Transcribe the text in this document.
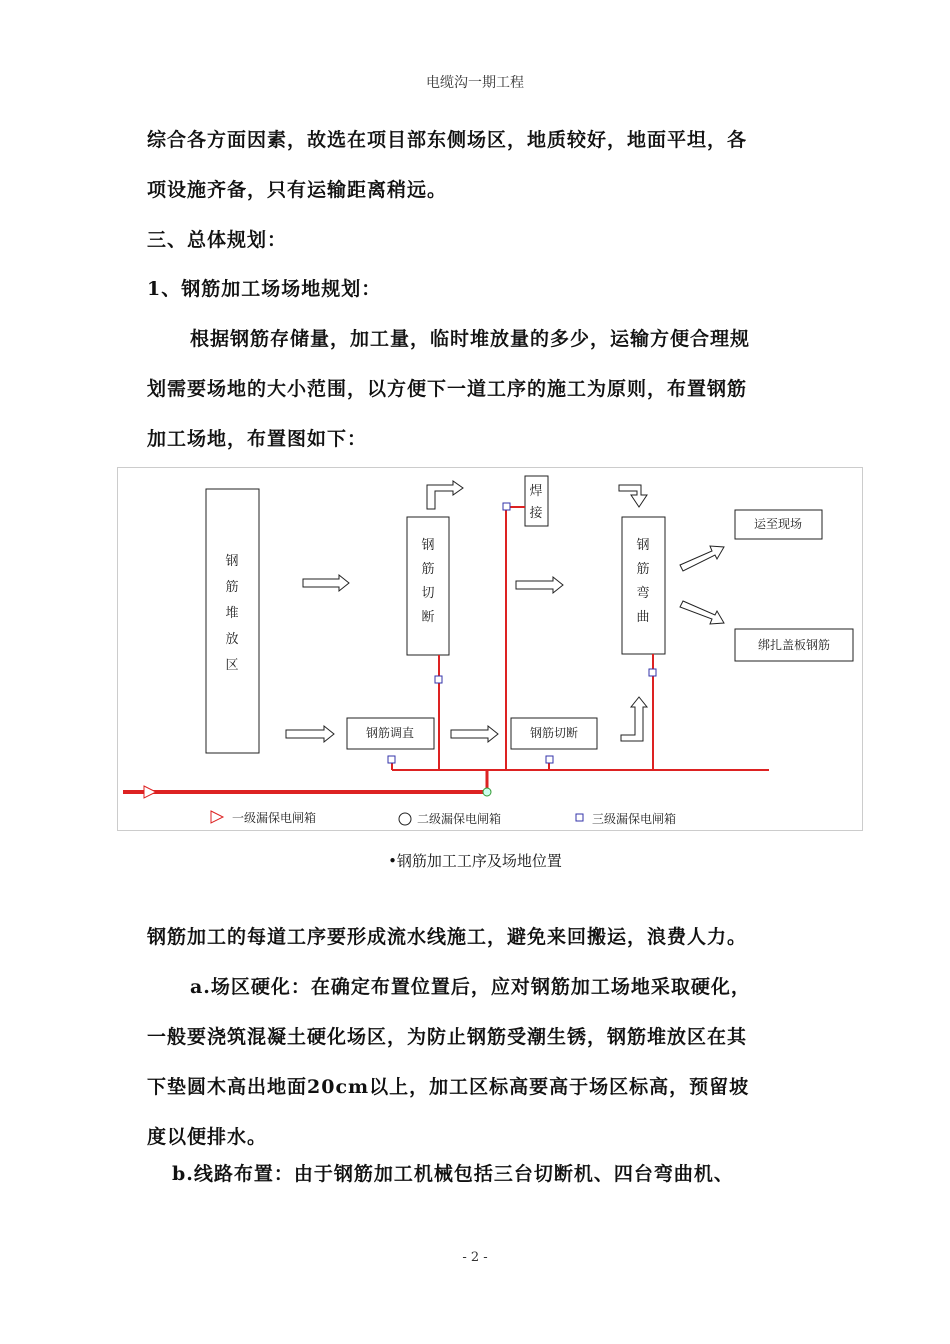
电缆沟一期工程
综合各方面因素，故选在项目部东侧场区，地质较好，地面平坦，各
项设施齐备，只有运输距离稍远。
三、总体规划：
1、钢筋加工场场地规划：
根据钢筋存储量，加工量，临时堆放量的多少，运输方便合理规
划需要场地的大小范围，以方便下一道工序的施工为原则，布置钢筋
加工场地，布置图如下：
钢
筋
堆
放
区
钢
筋
切
断
焊
接
钢
筋
弯
曲
运至现场
绑扎盖板钢筋
钢筋调直	钢筋切断
一级漏保电闸箱	二级漏保电闸箱	三级漏保电闸箱
•钢筋加工工序及场地位置
钢筋加工的每道工序要形成流水线施工，避免来回搬运，浪费人力。
a.场区硬化：在确定布置位置后，应对钢筋加工场地采取硬化，
一般要浇筑混凝土硬化场区，为防止钢筋受潮生锈，钢筋堆放区在其
下垫圆木高出地面20cm以上，加工区标高要高于场区标高，预留坡
度以便排水。
b.线路布置：由于钢筋加工机械包括三台切断机、四台弯曲机、
- 2 -
